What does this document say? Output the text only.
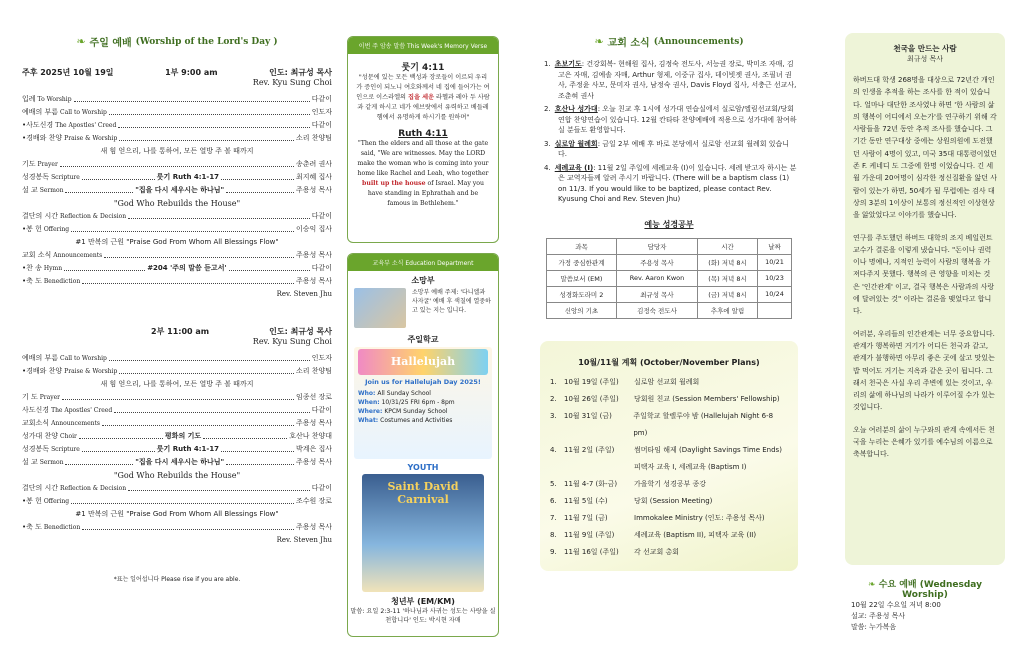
❧ 주일 예배 (Worship of the Lord's Day )
주후 2025년 10월 19일	1부 9:00 am	인도: 최규성 목사
Rev. Kyu Sung Choi
입례 To Worship	다같이
예배의 부름 Call to Worship	인도자
•사도신경 The Apostles' Creed	다같이
•경배와 찬양 Praise & Worship	소리 찬양팀
새 힘 얻으리, 나를 통하여, 모든 열방 주 볼 때까지
기도 Prayer	송춘려 권사
성경봉독 Scripture	룻기 Ruth 4:1-17	최지혜 집사
설 교 Sermon	"집을 다시 세우시는 하나님"	주용성 목사
"God Who Rebuilds the House"
결단의 시간 Reflection & Decision	다같이
•봉 헌 Offering	이승익 집사
#1 만복의 근원 "Praise God From Whom All Blessings Flow"
교회 소식 Announcements	주용성 목사
•찬 송 Hymn	#204 '주의 말씀 듣고서'	다같이
•축 도 Benediction	주용성 목사
Rev. Steven Jhu
2부 11:00 am	인도: 최규성 목사
Rev. Kyu Sung Choi
예배의 부름 Call to Worship	인도자
•경배와 찬양 Praise & Worship	소리 찬양팀
새 힘 얻으리, 나를 통하여, 모든 열방 주 볼 때까지
기 도 Prayer	임종선 장로
사도신경 The Apostles' Creed	다같이
교회소식 Announcements	주용성 목사
성가대 찬양 Choir	평화의 기도	호산나 찬양대
성경봉독 Scripture	룻기 Ruth 4:1-17	박계은 집사
설 교 Sermon	"집을 다시 세우시는 하나님"	주용성 목사
"God Who Rebuilds the House"
결단의 시간 Reflection & Decision	다같이
•봉 헌 Offering	조수원 장로
#1 만복의 근원 "Praise God From Whom All Blessings Flow"
•축 도 Benediction	주용성 목사
Rev. Steven Jhu
*표는 일어섭니다 Please rise if you are able.
이번 주 암송 말씀 This Week's Memory Verse
룻기 4:11
"성문에 있는 모든 백성과 장로들이 이르되 우리가 증인이 되노니 여호와께서 네 집에 들어가는 여인으로 이스라엘의 집을 세운 라헬과 레아 두 사람과 같게 하시고 네가 에브랏에서 유력하고 베들레헴에서 유명하게 하시기를 원하며"
Ruth 4:11
"Then the elders and all those at the gate said, "We are witnesses. May the LORD make the woman who is coming into your home like Rachel and Leah, who together built up the house of Israel. May you have standing in Ephrathah and be famous in Bethlehem."
교육부 소식 Education Department
소망부
소망부 예배 주제: '다니엘과 사자굴' 예배 후 색칠에 열중하고 있는 지는 입니다.
주일학교
Hallelujah
Join us for Hallelujah Day 2025!
Who: All Sunday School
When: 10/31/25 FRI 6pm - 8pm
Where: KPCM Sunday School
What: Costumes and Activities
YOUTH
Saint David Carnival
청년부 (EM/KM)
말씀: 요일 2:3-11 '하나님과 사귀는 성도는 사랑을 실천합니다' 인도: 박시현 자매
❧ 교회 소식 (Announcements)
1. 초보기도: 건강회복- 현해원 집사, 김정숙 전도사, 서능권 장로, 박미조 자매, 김고은 자매, 김예솔 자매, Arthur 형제, 이중규 집사, 데이빗젯 권사, 조필녀 권사, 주정윤 사모, 문미자 권사, 남정숙 권사, Davis Floyd 집사, 서충근 선교사, 조춘혀 권사
2. 호산나 성가대: 오늘 친교 후 1시에 성가대 연습실에서 실로암/엘림선교회/당회연합 찬양연습이 있습니다. 12월 칸타타 찬양예배에 적용으로 성가대에 참여하실 분들도 환영합니다.
3. 실로암 월례회: 금일 2부 예배 후 바로 본당에서 실로암 선교회 월례회 있습니다.
4. 세례교육 (I): 11월 2일 주일에 세례교육 (I)이 있습니다. 세례 받고자 하시는 분은 교역자들께 알려 주시기 바랍니다. (There will be a baptism class (1) on 11/3. If you would like to be baptized, please contact Rev. Kyusung Choi and Rev. Steven Jhu)
예능 성경공부
과목	담당자	시간	날짜
가정 중심한관계	주용성 목사	(화) 저녁 8시	10/21
말씀보서 (EM)	Rev. Aaron Kwon	(목) 저녁 8시	10/23
성경화도라미 2	최규성 목사	(금) 저녁 8시	10/24
신앙의 기초	김정숙 전도사	추후에 알림	
10월/11월 계획 (October/November Plans)
1.	10월 19일 (주일)	실로암 선교회 월례회
2.	10월 26일 (주일)	당회원 친교 (Session Members' Fellowship)
3.	10월 31일 (금)	주일학교 할렐루야 밤 (Hallelujah Night 6-8 pm)
4.	11월 2일 (주일)	썸머타임 해제 (Daylight Savings Time Ends)
피택자 교육 I, 세례교육 (Baptism I)
5.	11월 4-7 (화-금)	가을학기 성경공부 종강
6.	11월 5일 (수)	당회 (Session Meeting)
7.	11월 7일 (금)	Immokalee Ministry (인도: 주용성 목사)
8.	11월 9일 (주일)	세례교육 (Baptism II), 피택자 교육 (II)
9.	11월 16일 (주일)	각 선교회 총회
천국을 만드는 사람
최규성 목사
하버드대 학생 268명을 대상으로 72년간 개인의 인생을 추적을 하는 조사를 한 적이 있습니다. 얼마나 대단한 조사였냐 하면 '한 사람의 삶의 행복이 어디에서 오는가'를 연구하기 위해 각 사람들을 72년 동안 추적 조사를 했습니다. 그 기간 동안 연구대상 중에는 상원의원에 도전했던 사람이 4명이 있고, 미국 35대 대통령이었던 존 F. 케네디 도 그중에 한명 이었습니다. 긴 세월 가운데 20여명이 심각한 정신질환을 앓던 사람이 있는가 하면, 50세가 될 무렵에는 검사 대상의 3분의 1이상이 보통의 정신적인 이상현상을 앓았었다고 이야기를 했습니다.
연구를 주도했던 하버드 대학의 조지 베일런트 교수가 결론을 이렇게 냈습니다. "돈이나 권력이나 명예나, 지적인 능력이 사람의 행복을 가져다주지 못했다. 행복의 큰 영향을 미치는 것은 '인간관계' 이고, 결국 행복은 사람과의 사랑에 달려있는 것" 이라는 결론을 맺었다고 합니다.
여러분, 우리들의 인간관계는 너무 중요합니다. 관계가 행복하면 거기가 어디든 천국과 같고, 관계가 불행하면 아무리 좋은 곳에 살고 맛있는 밥 먹어도 거기는 지옥과 같은 곳이 됩니다. 그래서 천국은 사실 우리 주변에 있는 것이고, 우리의 삶에 하나님의 나라가 이루어질 수가 있는 것입니다.
오늘 여러분의 삶이 누구와의 관계 속에서든 천국을 누리는 은혜가 있기를 예수님의 이름으로 축복합니다.
❧ 수요 예배 (Wednesday Worship)
10월 22일 수요일 저녁 8:00
설교: 주용성 목사
말씀: 누가복음
